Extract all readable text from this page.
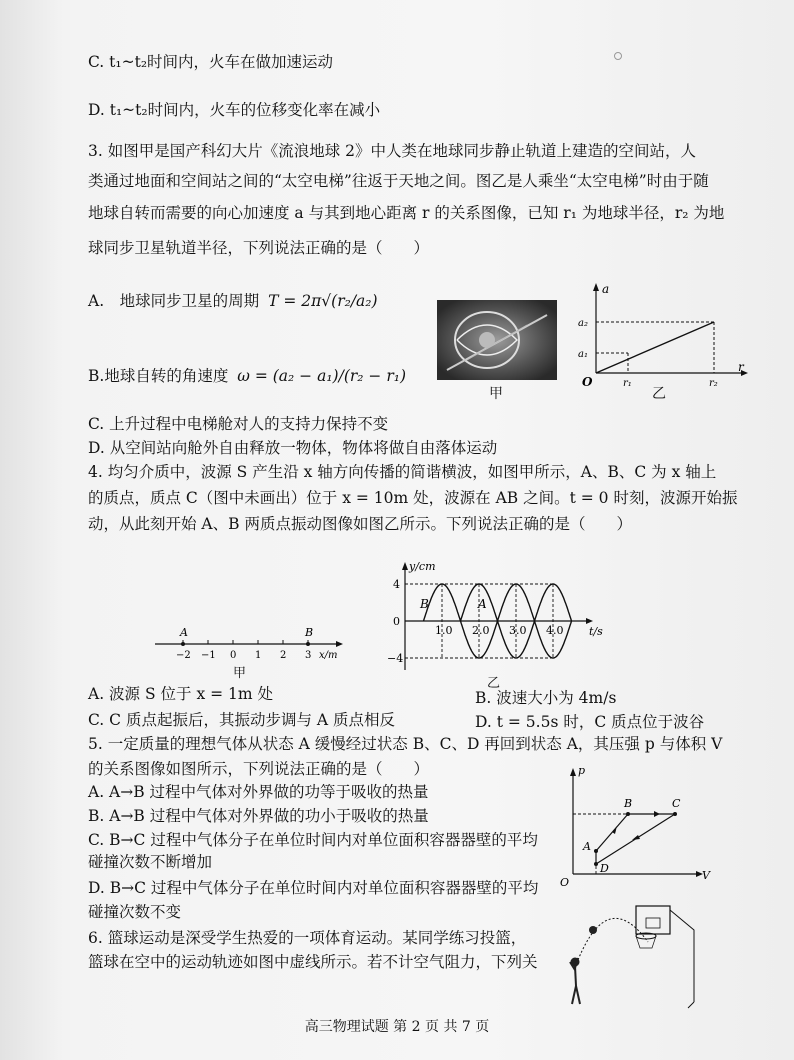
C. t₁~t₂时间内，火车在做加速运动
D. t₁~t₂时间内，火车的位移变化率在减小
3. 如图甲是国产科幻大片《流浪地球 2》中人类在地球同步静止轨道上建造的空间站，人
类通过地面和空间站之间的“太空电梯”往返于天地之间。图乙是人乘坐“太空电梯”时由于随
地球自转而需要的向心加速度 a 与其到地心距离 r 的关系图像，已知 r₁ 为地球半径，r₂ 为地
球同步卫星轨道半径，下列说法正确的是（　　）
A.　地球同步卫星的周期 T = 2π√(r₂/a₂)
B.地球自转的角速度 ω = (a₂ − a₁)/(r₂ − r₁)
C. 上升过程中电梯舱对人的支持力保持不变
D. 从空间站向舱外自由释放一物体，物体将做自由落体运动
甲
a
r
O
a₂
a₁
r₁	r₂
乙
4. 均匀介质中，波源 S 产生沿 x 轴方向传播的简谐横波，如图甲所示，A、B、C 为 x 轴上
的质点，质点 C（图中未画出）位于 x = 10m 处，波源在 AB 之间。t = 0 时刻，波源开始振
动，从此刻开始 A、B 两质点振动图像如图乙所示。下列说法正确的是（　　）
A	B
−2 −1 0 1 2 3 x/m
甲
y/cm
t/s
4
0
−4
1.0 2.0 3.0 4.0
B	A
乙
A. 波源 S 位于 x = 1m 处	B. 波速大小为 4m/s
C. C 质点起振后，其振动步调与 A 质点相反	D. t = 5.5s 时，C 质点位于波谷
5. 一定质量的理想气体从状态 A 缓慢经过状态 B、C、D 再回到状态 A，其压强 p 与体积 V
的关系图像如图所示，下列说法正确的是（　　）
A. A→B 过程中气体对外界做的功等于吸收的热量
B. A→B 过程中气体对外界做的功小于吸收的热量
C. B→C 过程中气体分子在单位时间内对单位面积容器器壁的平均
碰撞次数不断增加
D. B→C 过程中气体分子在单位时间内对单位面积容器器壁的平均
碰撞次数不变
p
V
O
A
B	C
D
6. 篮球运动是深受学生热爱的一项体育运动。某同学练习投篮，
篮球在空中的运动轨迹如图中虚线所示。若不计空气阻力，下列关
高三物理试题 第 2 页 共 7 页
